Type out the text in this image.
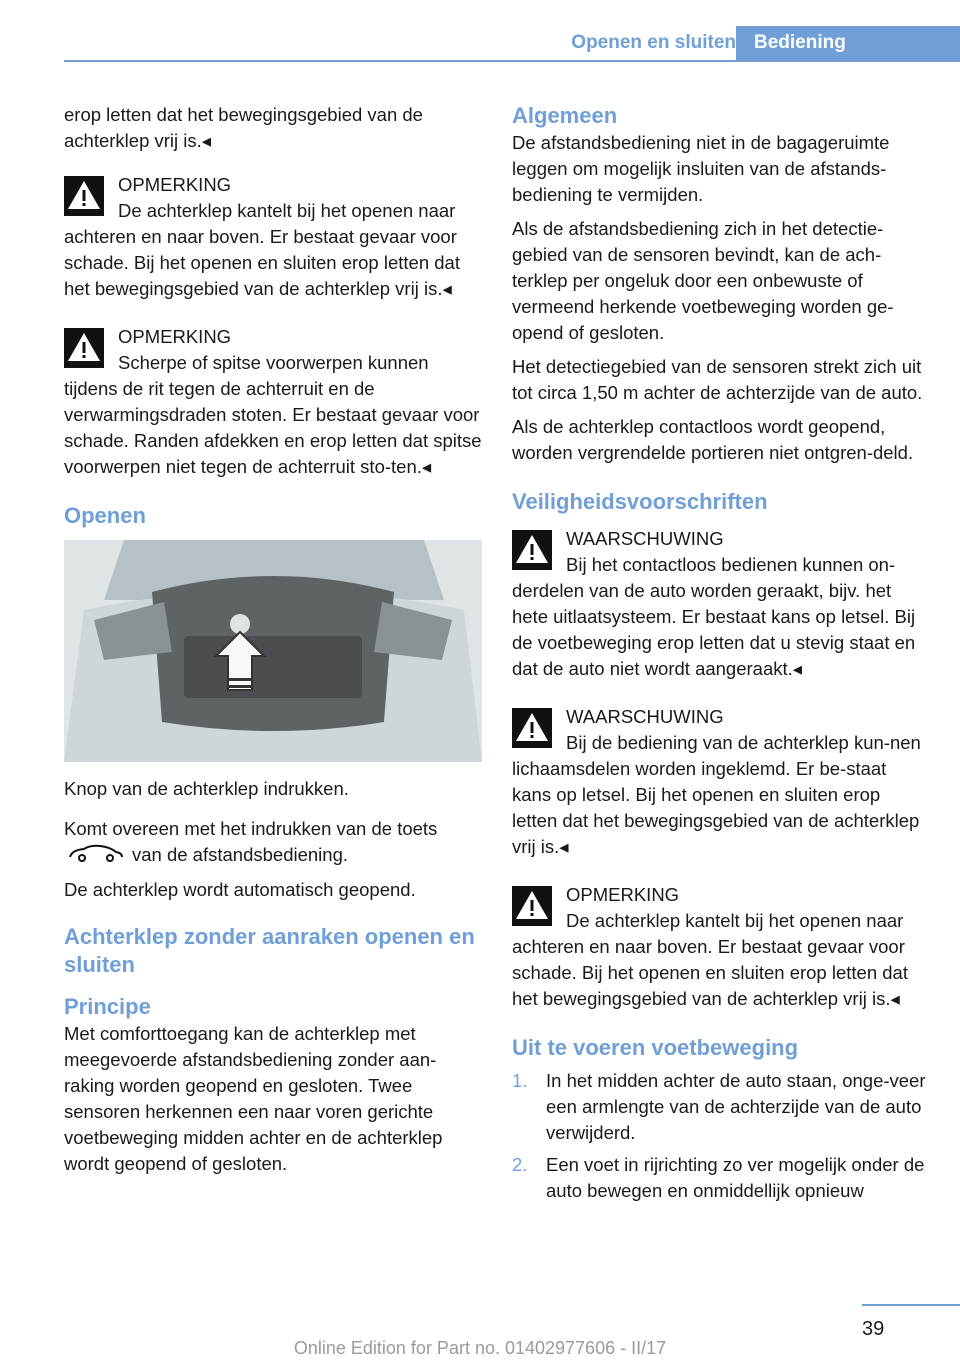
Openen en sluiten Bediening

erop letten dat het bewegingsgebied van de achterklep vrij is.◂

OPMERKING
De achterklep kantelt bij het openen naar achteren en naar boven. Er bestaat gevaar voor schade. Bij het openen en sluiten erop letten dat het bewegingsgebied van de achterklep vrij is.◂
OPMERKING
Scherpe of spitse voorwerpen kunnen tijdens de rit tegen de achterruit en de verwarmingsdraden stoten. Er bestaat gevaar voor schade. Randen afdekken en erop letten dat spitse voorwerpen niet tegen de achterruit sto-ten.◂
Openen

Knop van de achterklep indrukken.

Komt overeen met het indrukken van de toets

van de afstandsbediening.

De achterklep wordt automatisch geopend.

Achterklep zonder aanraken openen en sluiten
Principe

Met comforttoegang kan de achterklep met meegevoerde afstandsbediening zonder aan-raking worden geopend en gesloten. Twee sensoren herkennen een naar voren gerichte voetbeweging midden achter en de achterklep wordt geopend of gesloten.

Algemeen

De afstandsbediening niet in de bagageruimte leggen om mogelijk insluiten van de afstands-bediening te vermijden.

Als de afstandsbediening zich in het detectie-gebied van de sensoren bevindt, kan de ach-terklep per ongeluk door een onbewuste of vermeend herkende voetbeweging worden ge-opend of gesloten.

Het detectiegebied van de sensoren strekt zich uit tot circa 1,50 m achter de achterzijde van de auto.

Als de achterklep contactloos wordt geopend, worden vergrendelde portieren niet ontgren-deld.

Veiligheidsvoorschriften
WAARSCHUWING
Bij het contactloos bedienen kunnen on-derdelen van de auto worden geraakt, bijv. het hete uitlaatsysteem. Er bestaat kans op letsel. Bij de voetbeweging erop letten dat u stevig staat en dat de auto niet wordt aangeraakt.◂
WAARSCHUWING
Bij de bediening van de achterklep kun-nen lichaamsdelen worden ingeklemd. Er be-staat kans op letsel. Bij het openen en sluiten erop letten dat het bewegingsgebied van de achterklep vrij is.◂
OPMERKING
De achterklep kantelt bij het openen naar achteren en naar boven. Er bestaat gevaar voor schade. Bij het openen en sluiten erop letten dat het bewegingsgebied van de achterklep vrij is.◂
Uit te voeren voetbeweging
1. In het midden achter de auto staan, onge-veer een armlengte van de achterzijde van de auto verwijderd.
2. Een voet in rijrichting zo ver mogelijk onder de auto bewegen en onmiddellijk opnieuw
39
Online Edition for Part no. 01402977606 - II/17
